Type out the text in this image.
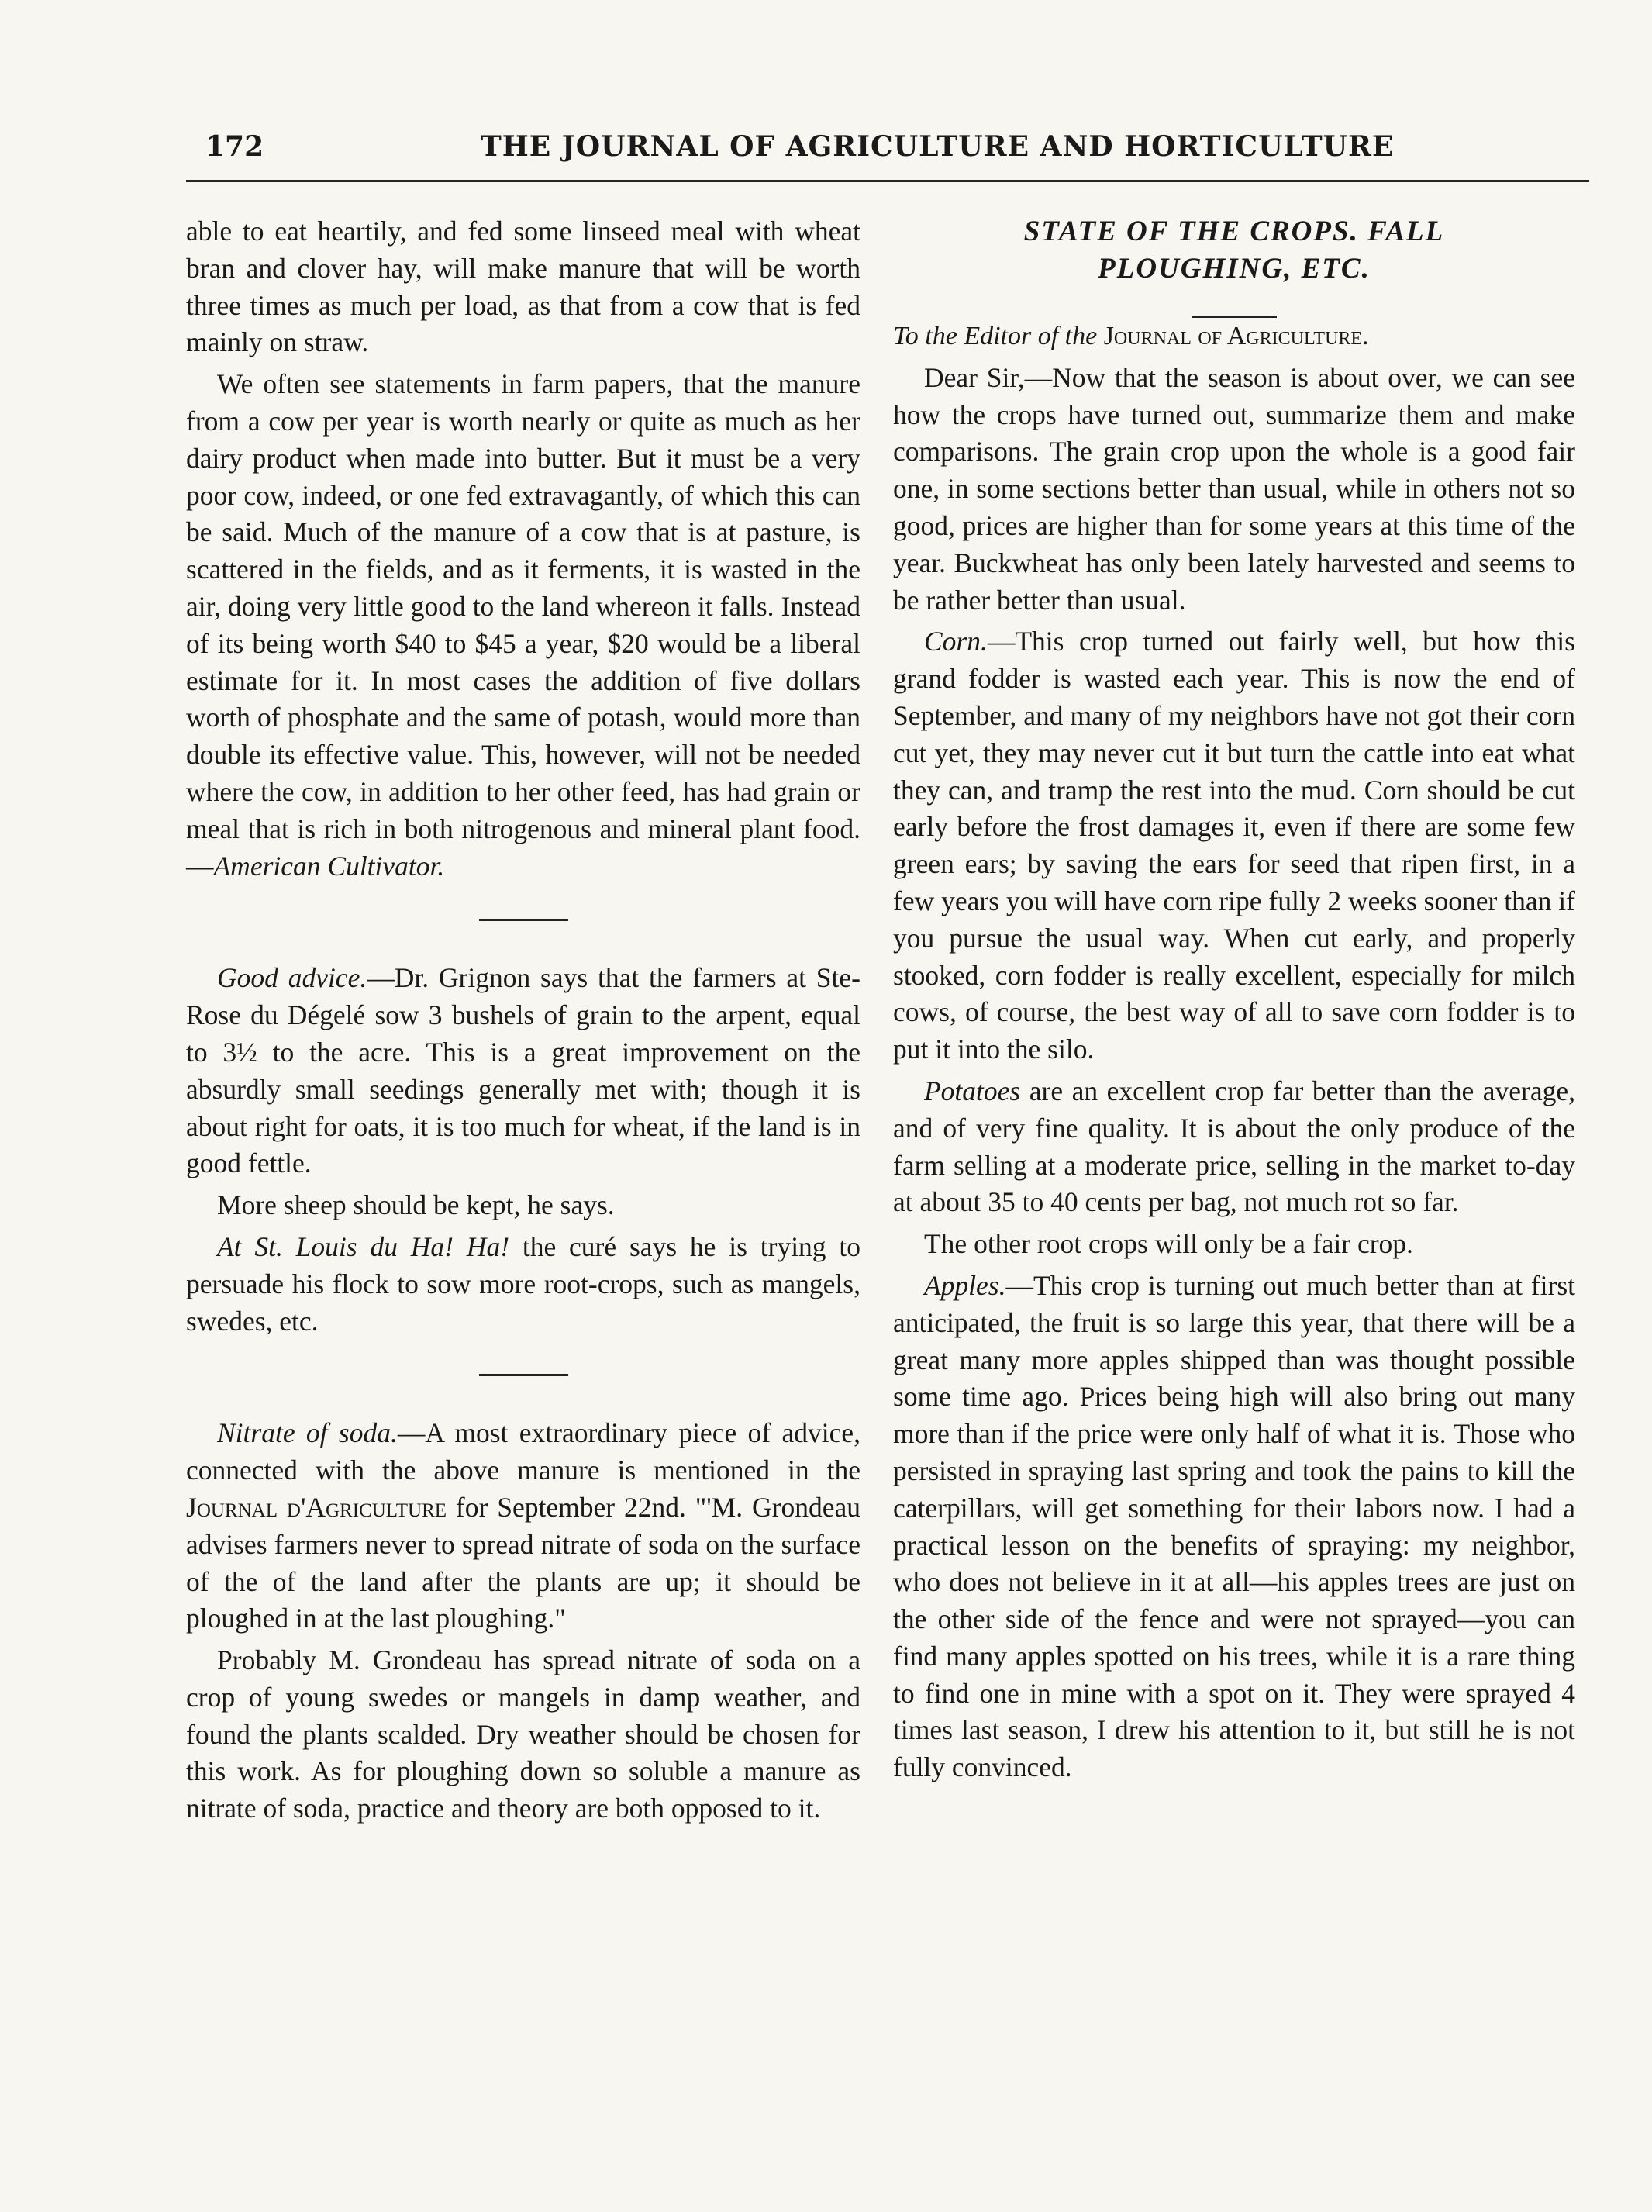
172	THE JOURNAL OF AGRICULTURE AND HORTICULTURE

able to eat heartily, and fed some linseed meal with wheat bran and clover hay, will make manure that will be worth three times as much per load, as that from a cow that is fed mainly on straw.

We often see statements in farm papers, that the manure from a cow per year is worth nearly or quite as much as her dairy product when made into butter. But it must be a very poor cow, indeed, or one fed extravagantly, of which this can be said. Much of the manure of a cow that is at pasture, is scattered in the fields, and as it ferments, it is wasted in the air, doing very little good to the land whereon it falls. Instead of its being worth $40 to $45 a year, $20 would be a liberal estimate for it. In most cases the addition of five dollars worth of phosphate and the same of potash, would more than double its effective value. This, however, will not be needed where the cow, in addition to her other feed, has had grain or meal that is rich in both nitrogenous and mineral plant food.—American Cultivator.

Good advice.—Dr. Grignon says that the farmers at Ste-Rose du Dégelé sow 3 bushels of grain to the arpent, equal to 3½ to the acre. This is a great improvement on the absurdly small seedings generally met with; though it is about right for oats, it is too much for wheat, if the land is in good fettle.

More sheep should be kept, he says.

At St. Louis du Ha! Ha! the curé says he is trying to persuade his flock to sow more root-crops, such as mangels, swedes, etc.

Nitrate of soda.—A most extraordinary piece of advice, connected with the above manure is mentioned in the Journal d'Agriculture for September 22nd. "'M. Grondeau advises farmers never to spread nitrate of soda on the surface of the of the land after the plants are up; it should be ploughed in at the last ploughing."

Probably M. Grondeau has spread nitrate of soda on a crop of young swedes or mangels in damp weather, and found the plants scalded. Dry weather should be chosen for this work. As for ploughing down so soluble a manure as nitrate of soda, practice and theory are both opposed to it.

STATE OF THE CROPS. FALL
PLOUGHING, ETC.

To the Editor of the Journal of Agriculture.

Dear Sir,—Now that the season is about over, we can see how the crops have turned out, summarize them and make comparisons. The grain crop upon the whole is a good fair one, in some sections better than usual, while in others not so good, prices are higher than for some years at this time of the year. Buckwheat has only been lately harvested and seems to be rather better than usual.

Corn.—This crop turned out fairly well, but how this grand fodder is wasted each year. This is now the end of September, and many of my neighbors have not got their corn cut yet, they may never cut it but turn the cattle into eat what they can, and tramp the rest into the mud. Corn should be cut early before the frost damages it, even if there are some few green ears; by saving the ears for seed that ripen first, in a few years you will have corn ripe fully 2 weeks sooner than if you pursue the usual way. When cut early, and properly stooked, corn fodder is really excellent, especially for milch cows, of course, the best way of all to save corn fodder is to put it into the silo.

Potatoes are an excellent crop far better than the average, and of very fine quality. It is about the only produce of the farm selling at a moderate price, selling in the market to-day at about 35 to 40 cents per bag, not much rot so far.

The other root crops will only be a fair crop.

Apples.—This crop is turning out much better than at first anticipated, the fruit is so large this year, that there will be a great many more apples shipped than was thought possible some time ago. Prices being high will also bring out many more than if the price were only half of what it is. Those who persisted in spraying last spring and took the pains to kill the caterpillars, will get something for their labors now. I had a practical lesson on the benefits of spraying: my neighbor, who does not believe in it at all—his apples trees are just on the other side of the fence and were not sprayed—you can find many apples spotted on his trees, while it is a rare thing to find one in mine with a spot on it. They were sprayed 4 times last season, I drew his attention to it, but still he is not fully convinced.
